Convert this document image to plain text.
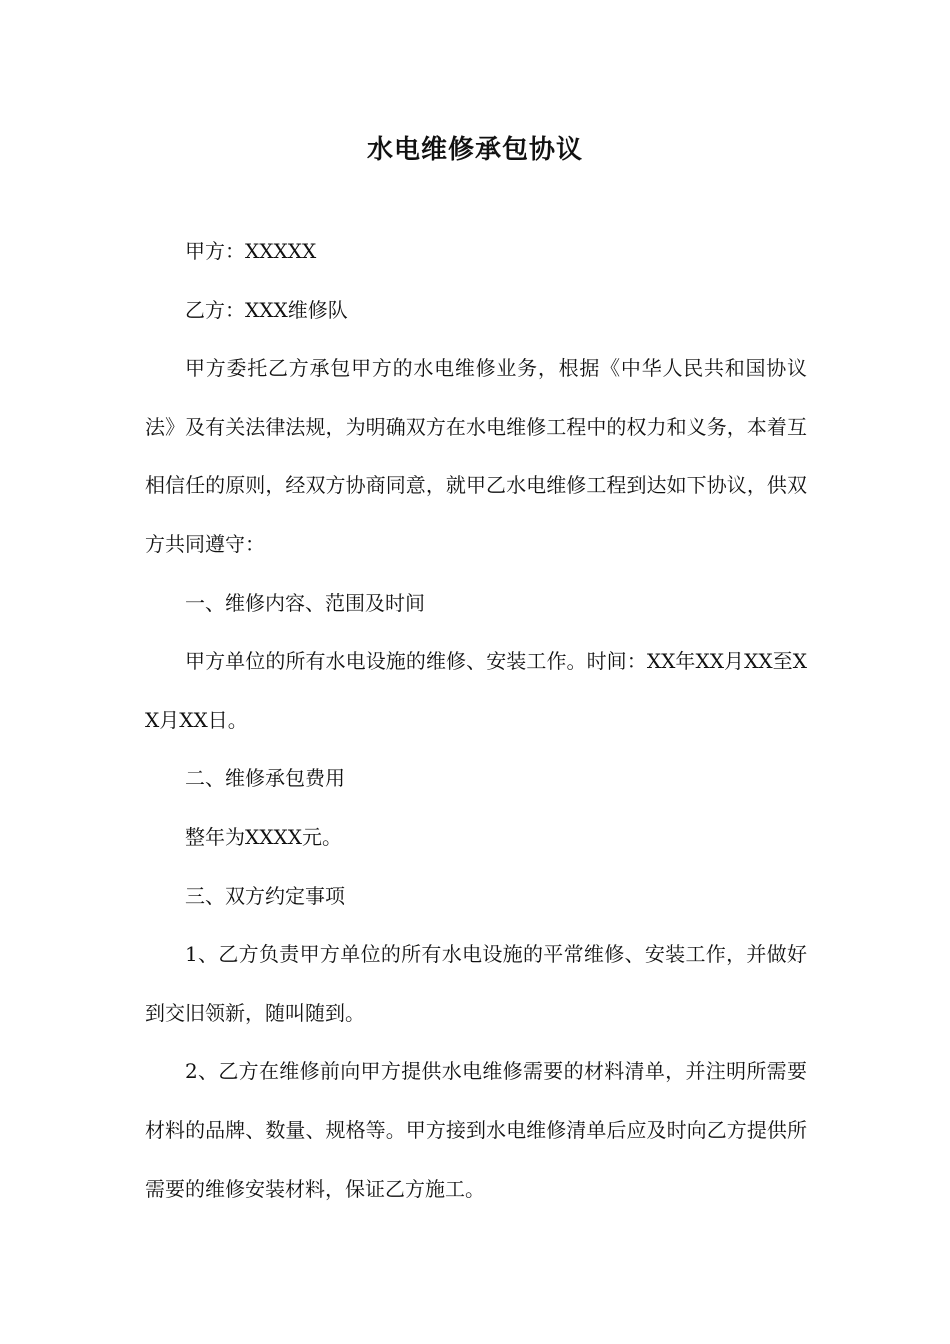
水电维修承包协议

甲方：XXXXX

乙方：XXX维修队

甲方委托乙方承包甲方的水电维修业务，根据《中华人民共和国协议法》及有关法律法规，为明确双方在水电维修工程中的权力和义务，本着互相信任的原则，经双方协商同意，就甲乙水电维修工程到达如下协议，供双方共同遵守：

一、维修内容、范围及时间

甲方单位的所有水电设施的维修、安装工作。时间：XX年XX月XX至XX月XX日。

二、维修承包费用

整年为XXXX元。

三、双方约定事项

1、乙方负责甲方单位的所有水电设施的平常维修、安装工作，并做好到交旧领新，随叫随到。

2、乙方在维修前向甲方提供水电维修需要的材料清单，并注明所需要材料的品牌、数量、规格等。甲方接到水电维修清单后应及时向乙方提供所需要的维修安装材料，保证乙方施工。
